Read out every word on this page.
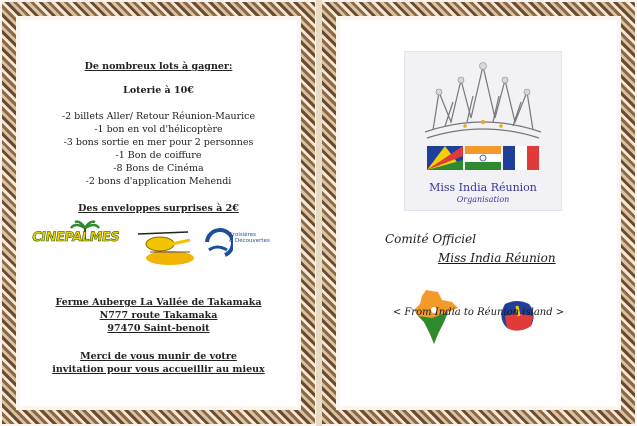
De nombreux lots à gagner:
Loterie à 10€
-2 billets Aller/ Retour Réunion-Maurice
-1 bon en vol d'hélicoptère
-3 bons sortie en mer pour 2 personnes
-1 Bon de coiffure
-8 Bons de Cinéma
-2 bons d'application Mehendi
Des enveloppes surprises à 2€
Ferme Auberge La Vallée de Takamaka
N777 route Takamaka
97470 Saint-benoit
Merci de vous munir de votre
invitation pour vous accueillir au mieux
CINEPALMES	Croisières
& Découvertes
Miss India Réunion
Organisation
Comité Officiel
Miss India Réunion
< From India to Réunion island >
